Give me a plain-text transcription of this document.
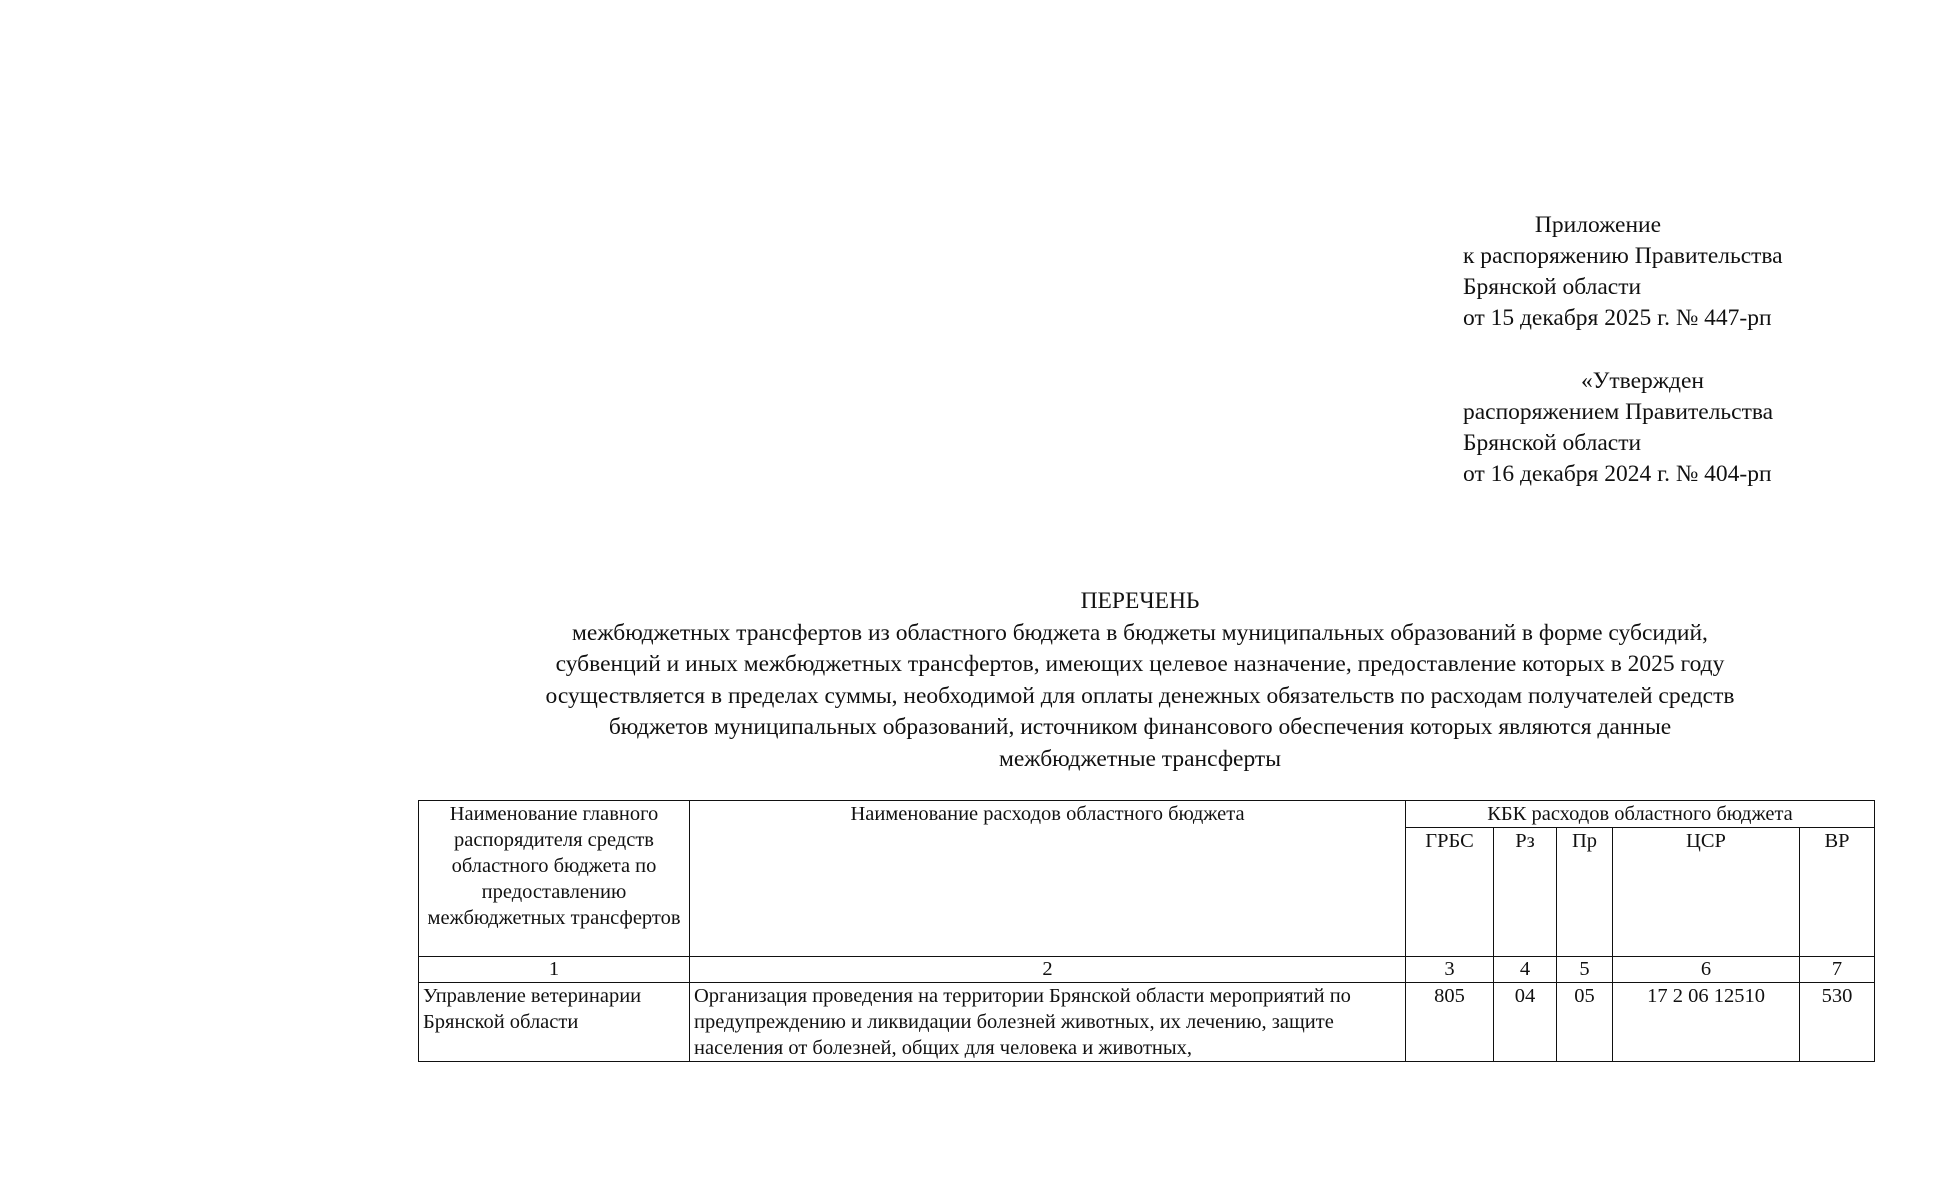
Приложение
к распоряжению Правительства
Брянской области
от 15 декабря 2025 г. № 447-рп
«Утвержден
распоряжением Правительства
Брянской области
от 16 декабря 2024 г. № 404-рп
ПЕРЕЧЕНЬ
межбюджетных трансфертов из областного бюджета в бюджеты муниципальных образований в форме субсидий,
субвенций и иных межбюджетных трансфертов, имеющих целевое назначение, предоставление которых в 2025 году
осуществляется в пределах суммы, необходимой для оплаты денежных обязательств по расходам получателей средств
бюджетов муниципальных образований, источником финансового обеспечения которых являются данные
межбюджетные трансферты
Наименование главного распорядителя средств областного бюджета по предоставлению межбюджетных трансфертов	Наименование расходов областного бюджета	КБК расходов областного бюджета				
		ГРБС	Рз	Пр	ЦСР	ВР
1	2	3	4	5	6	7
Управление ветеринарии Брянской области	Организация проведения на территории Брянской области мероприятий по предупреждению и ликвидации болезней животных, их лечению, защите населения от болезней, общих для человека и животных,	805	04	05	17 2 06 12510	530
